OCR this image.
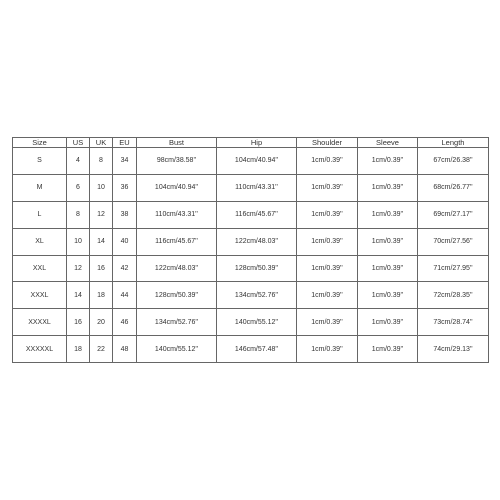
Size	US	UK	EU	Bust	Hip	Shoulder	Sleeve	Length
S	4	8	34	98cm/38.58''	104cm/40.94''	1cm/0.39''	1cm/0.39''	67cm/26.38''
M	6	10	36	104cm/40.94''	110cm/43.31''	1cm/0.39''	1cm/0.39''	68cm/26.77''
L	8	12	38	110cm/43.31''	116cm/45.67''	1cm/0.39''	1cm/0.39''	69cm/27.17''
XL	10	14	40	116cm/45.67''	122cm/48.03''	1cm/0.39''	1cm/0.39''	70cm/27.56''
XXL	12	16	42	122cm/48.03''	128cm/50.39''	1cm/0.39''	1cm/0.39''	71cm/27.95''
XXXL	14	18	44	128cm/50.39''	134cm/52.76''	1cm/0.39''	1cm/0.39''	72cm/28.35''
XXXXL	16	20	46	134cm/52.76''	140cm/55.12''	1cm/0.39''	1cm/0.39''	73cm/28.74''
XXXXXL	18	22	48	140cm/55.12''	146cm/57.48''	1cm/0.39''	1cm/0.39''	74cm/29.13''
